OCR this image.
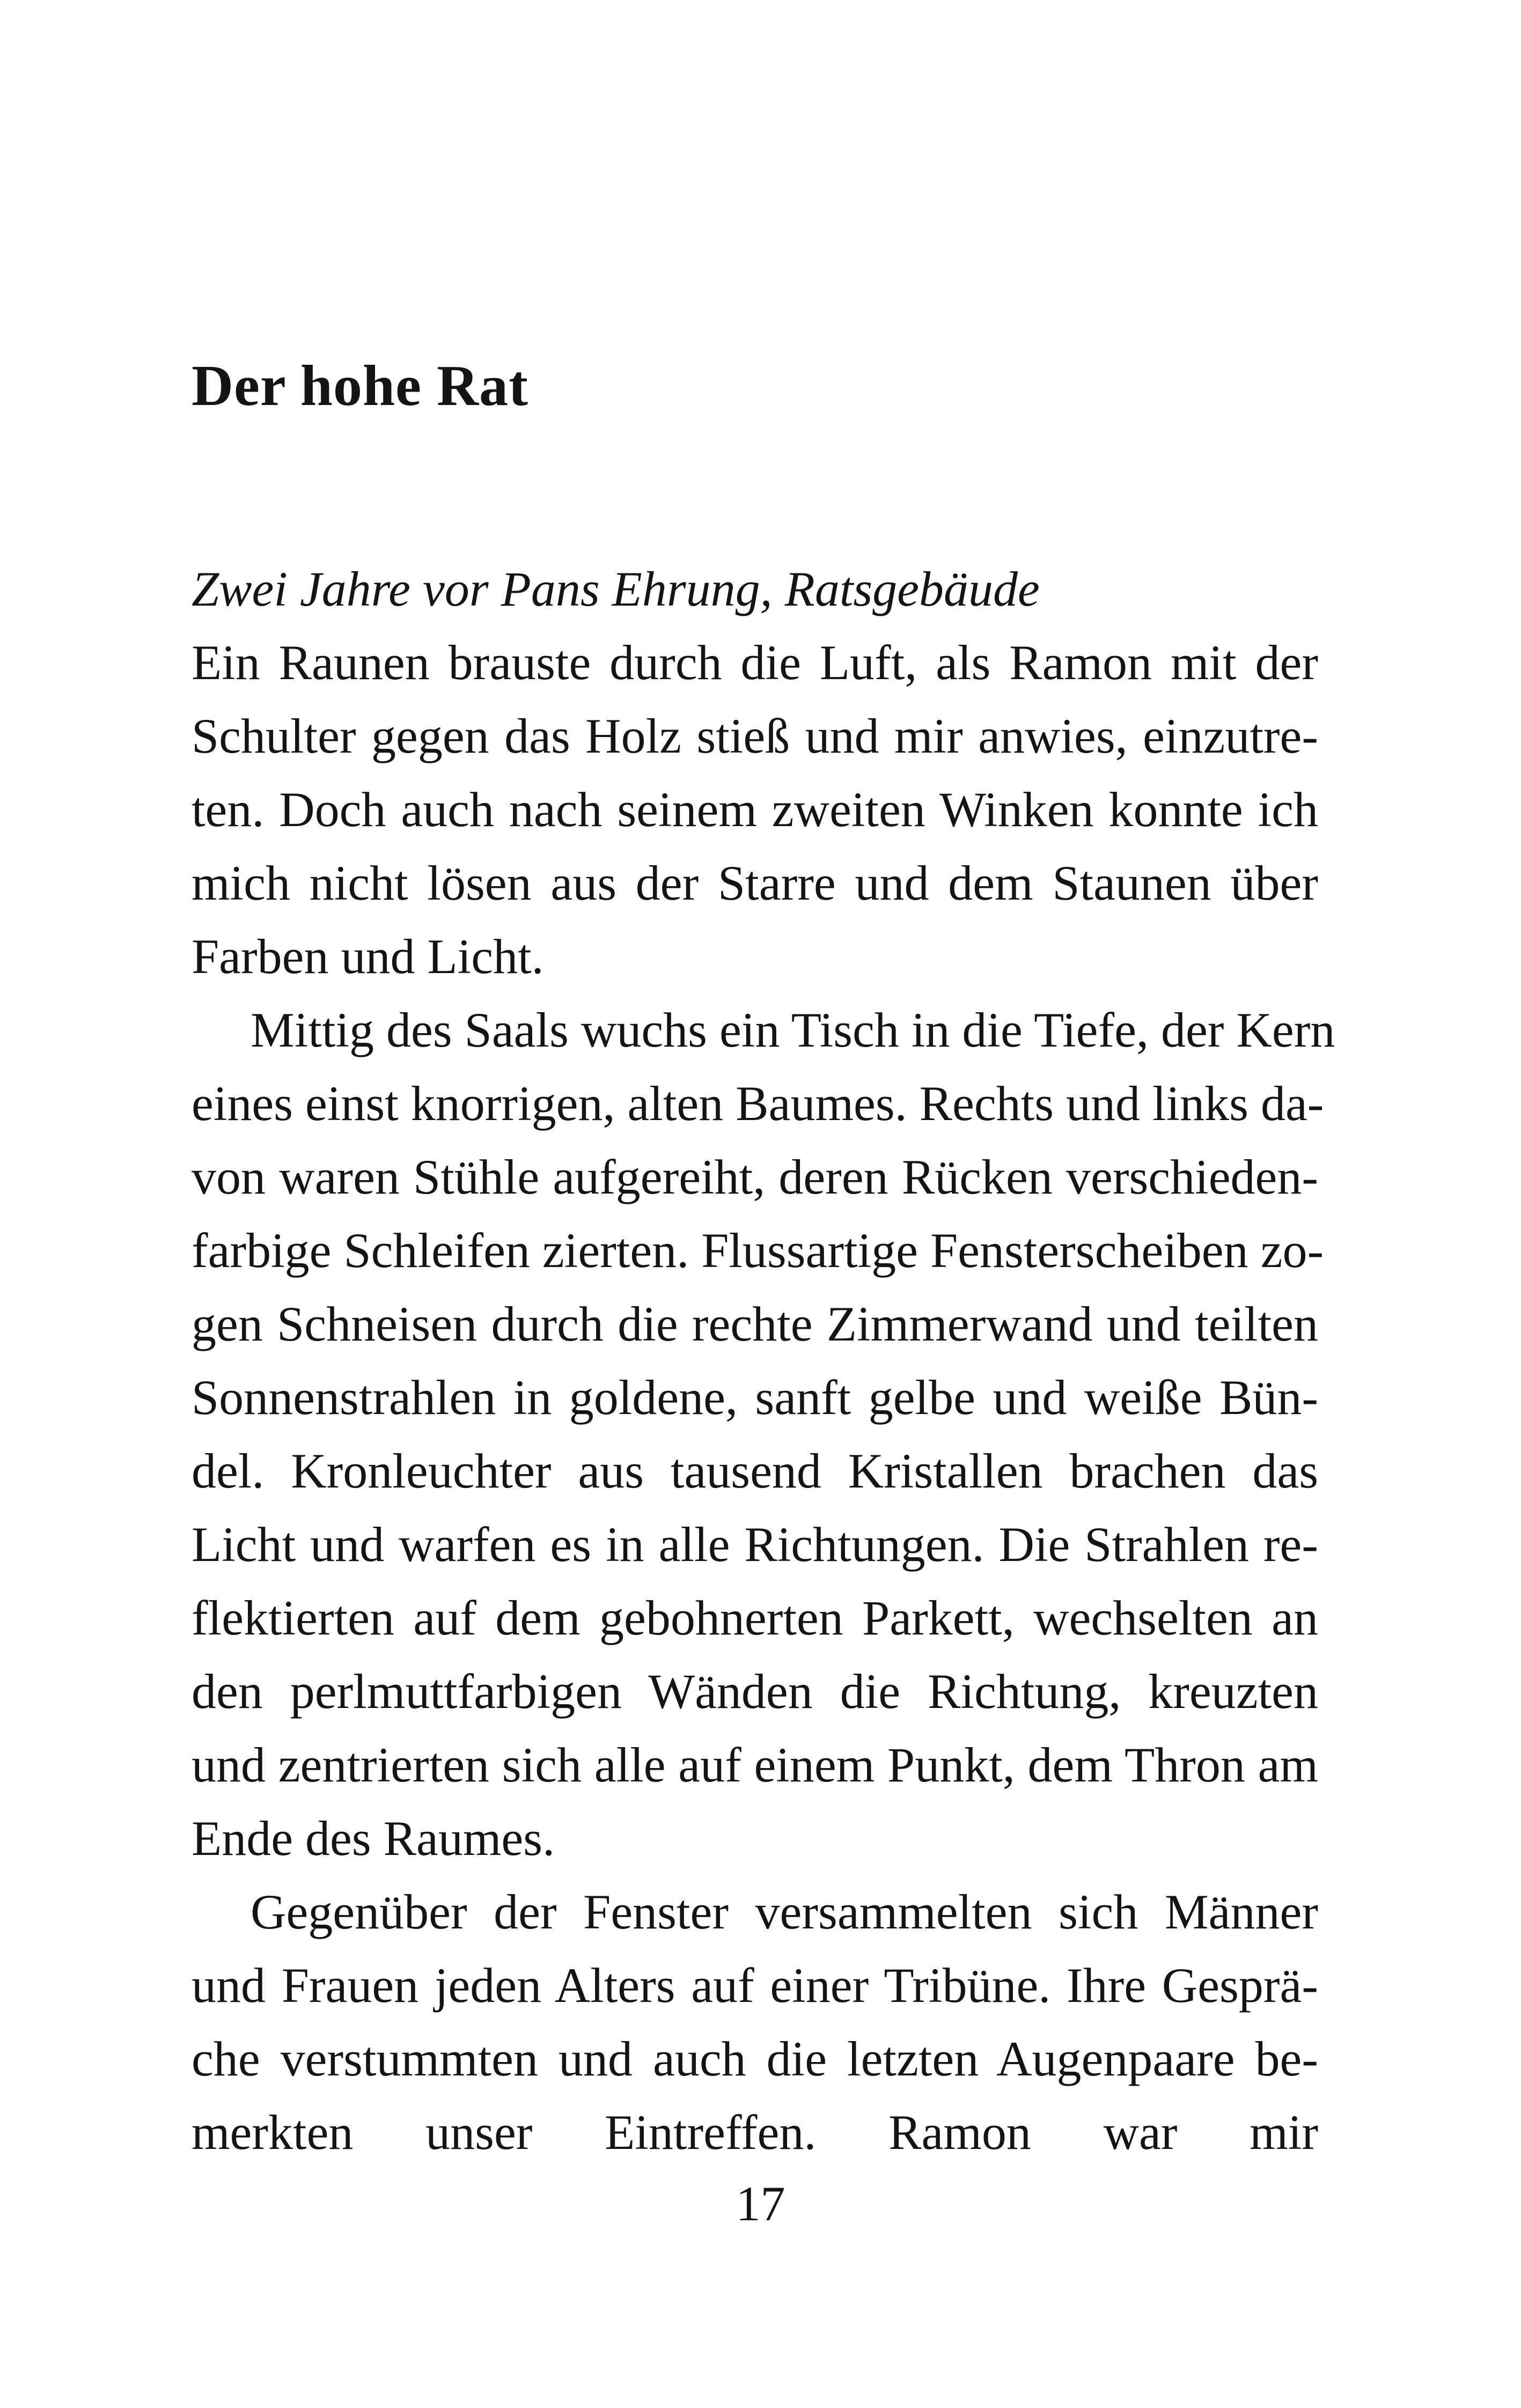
Der hohe Rat
Zwei Jahre vor Pans Ehrung, Ratsgebäude
Ein Raunen brauste durch die Luft, als Ramon mit der
Schulter gegen das Holz stieß und mir anwies, einzutre-
ten. Doch auch nach seinem zweiten Winken konnte ich
mich nicht lösen aus der Starre und dem Staunen über
Farben und Licht.
Mittig des Saals wuchs ein Tisch in die Tiefe, der Kern
eines einst knorrigen, alten Baumes. Rechts und links da-
von waren Stühle aufgereiht, deren Rücken verschieden-
farbige Schleifen zierten. Flussartige Fensterscheiben zo-
gen Schneisen durch die rechte Zimmerwand und teilten
Sonnenstrahlen in goldene, sanft gelbe und weiße Bün-
del. Kronleuchter aus tausend Kristallen brachen das
Licht und warfen es in alle Richtungen. Die Strahlen re-
flektierten auf dem gebohnerten Parkett, wechselten an
den perlmuttfarbigen Wänden die Richtung, kreuzten
und zentrierten sich alle auf einem Punkt, dem Thron am
Ende des Raumes.
Gegenüber der Fenster versammelten sich Männer
und Frauen jeden Alters auf einer Tribüne. Ihre Gesprä-
che verstummten und auch die letzten Augenpaare be-
merkten unser Eintreffen. Ramon war mir
17
